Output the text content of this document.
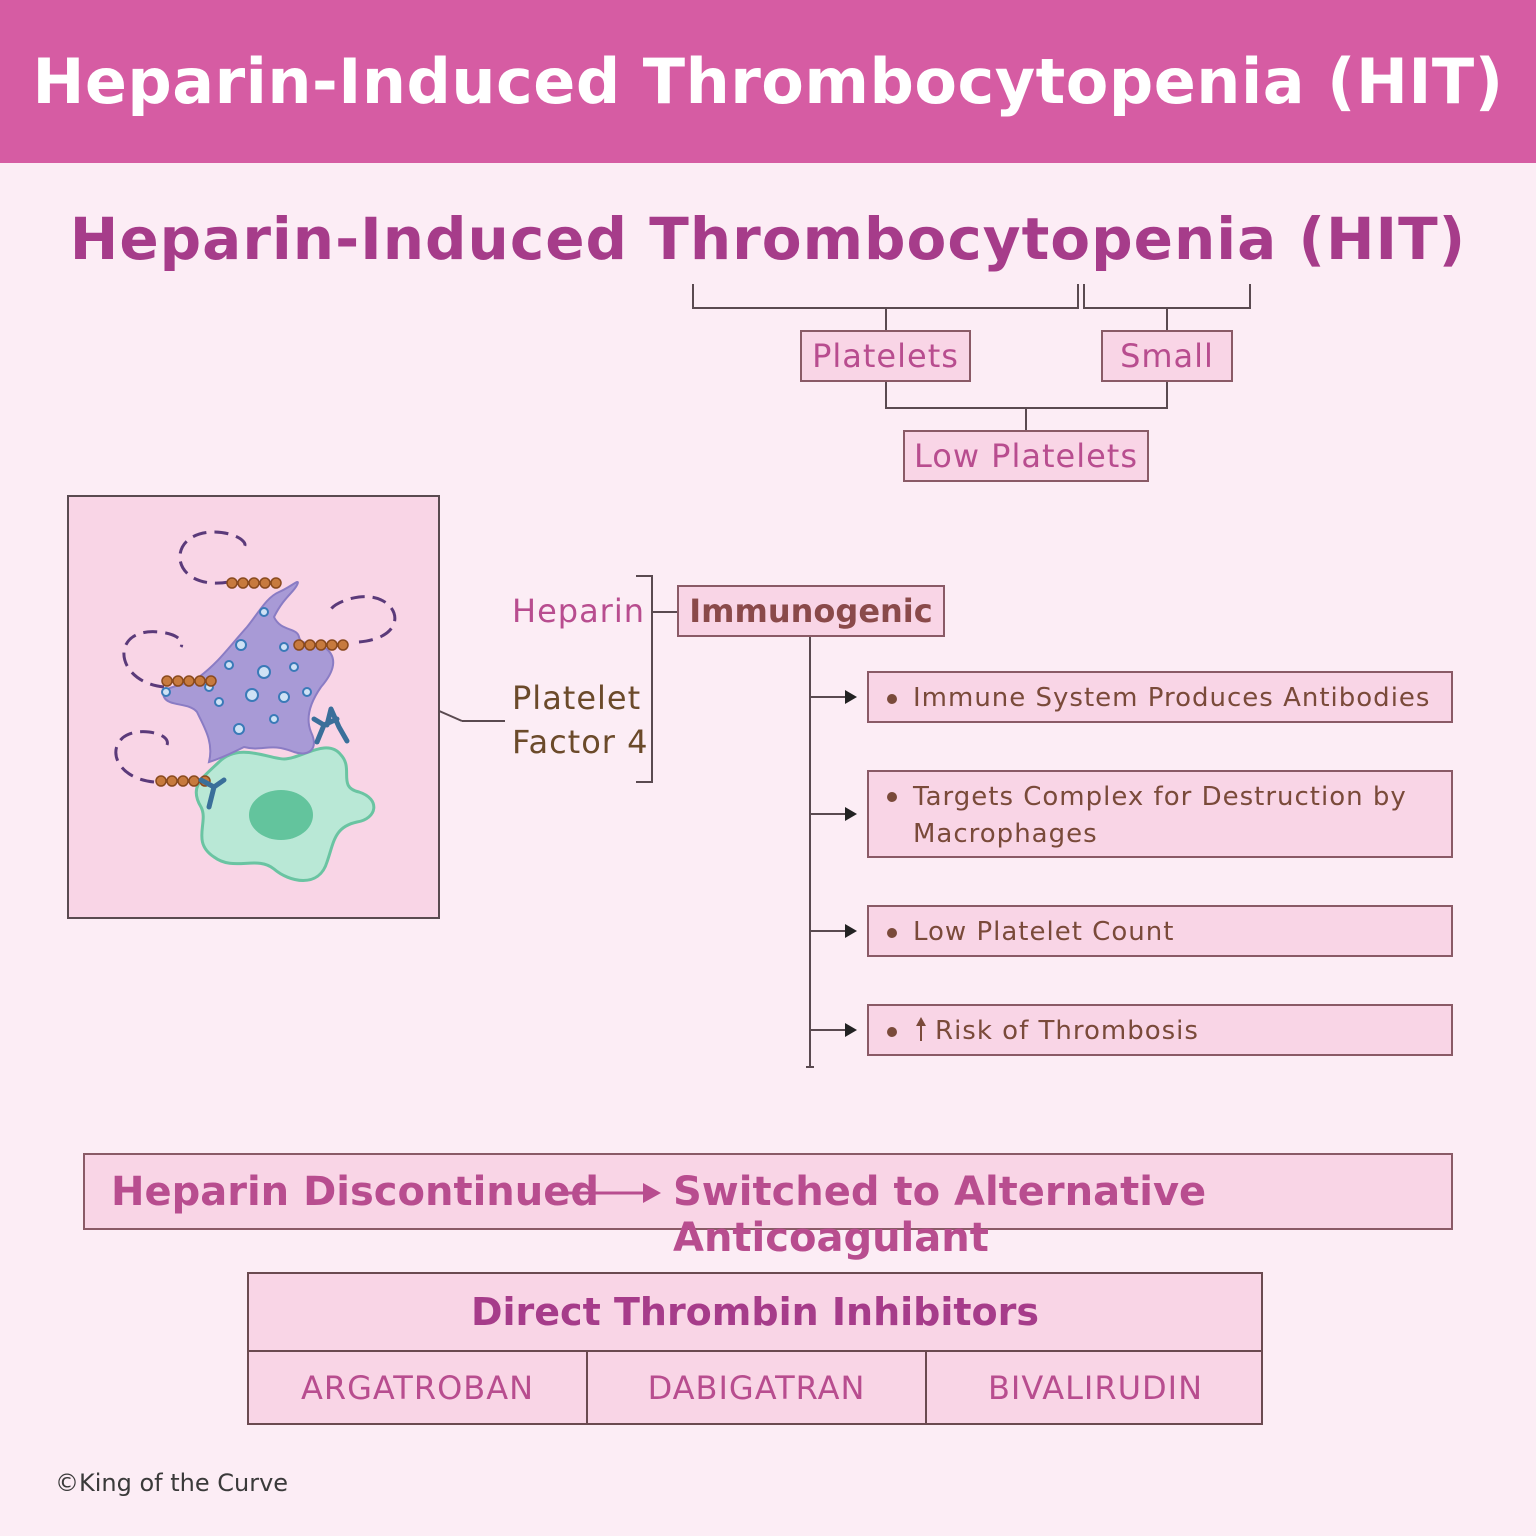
Heparin-Induced Thrombocytopenia (HIT)
Heparin-Induced Thrombocytopenia (HIT)
Platelets	Small
Low Platelets
Heparin
Platelet
Factor 4
Immunogenic
Immune System Produces Antibodies
Targets Complex for Destruction by
Macrophages
Low Platelet Count
Risk of Thrombosis
Heparin Discontinued Switched to Alternative Anticoagulant
Direct Thrombin Inhibitors
ARGATROBAN	DABIGATRAN	BIVALIRUDIN
©King of the Curve
